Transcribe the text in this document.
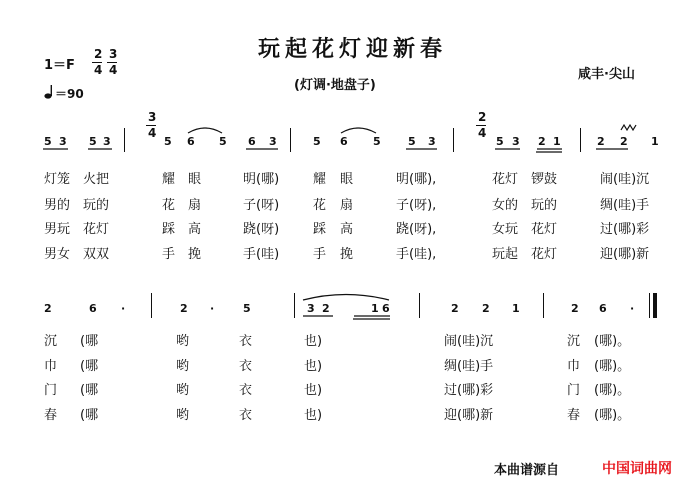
玩起花灯迎新春
(灯调·地盘子)
咸丰·尖山
1＝F
2
4
3
4
＝90
3
4
2
4
5 3 5 3	5 6 5 6 3	5 6 5 5 3	5 3 2 1	2 2 1
灯笼 火把	耀 眼	明(哪)	耀 眼	明(哪),	花灯 锣鼓	闹(哇)沉
男的 玩的	花 扇	子(呀)	花 扇	子(呀),	女的 玩的	绸(哇)手
男玩 花灯	踩 高	跷(呀)	踩 高	跷(呀),	女玩 花灯	过(哪)彩
男女 双双	手 挽	手(哇)	手 挽	手(哇),	玩起 花灯	迎(哪)新
2	6 ·	2 ·	5	3 2	1 6	2 2 1	2 6 ·
沉 (哪	哟	衣	也)	闹(哇)沉	沉 (哪)。
巾 (哪	哟	衣	也)	绸(哇)手	巾 (哪)。
门 (哪	哟	衣	也)	过(哪)彩	门 (哪)。
春 (哪	哟	衣	也)	迎(哪)新	春 (哪)。
本曲谱源自	中国词曲网
